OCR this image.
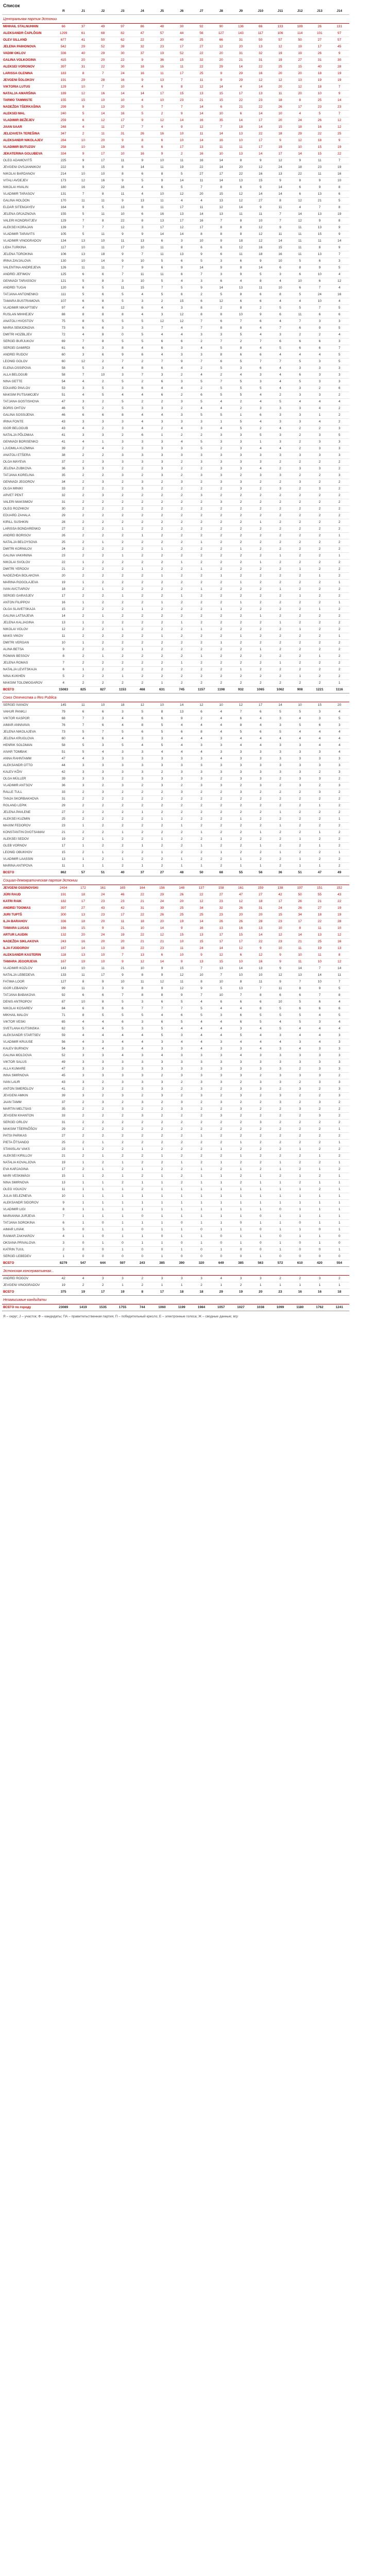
Список
	Я	J1	J2	J3	J4	J5	J6	J7	J8	J9	J10	J11	J12	J13	J14
Центральная партия Эстонии															
MIHHAIL STALNUHHIN	66	37	49	97	86	48	30	92	90	136	66	133	189	26	131
ALEKSANDR ČAPLÕGIN	1299	61	68	82	47	57	44	56	127	143	117	106	114	101	97
OLEV SILLAND	677	41	50	62	22	20	40	25	66	31	50	57	50	27	57
JELENA PAIHONOVA	542	29	52	39	32	23	17	27	12	20	13	12	19	17	45
VADIM OKLOV	336	40	29	30	37	19	52	22	20	31	32	19	19	26	9
GALINA VOLKOGINA	415	20	20	22	9	36	15	32	20	21	31	19	27	31	30
ALEKSEI VORONOV	397	31	22	30	18	16	11	22	29	14	22	25	15	40	28
LARISSA OLENINA	183	8	7	24	16	11	17	25	9	29	16	20	20	18	19
JEVGENI ŠOLOKOV	191	29	28	16	9	13	7	11	9	29	12	12	13	19	19
VIKTORIA LUTUS	129	10	7	10	4	6	8	12	14	4	14	20	12	18	7
NATALJA AMARŠINA	189	12	16	14	14	17	15	13	15	17	13	11	20	10	9
TARMO TAMMISTE	155	15	10	10	4	10	23	21	15	22	23	18	8	25	14
NADEŽDA TŠERKAŠINA	299	9	13	20	5	7	7	14	6	21	22	26	17	23	23
ALEKSEI MAL	240	5	14	16	5	2	9	14	10	6	14	10	4	5	7
VLADIMIR BEŽEJEV	259	6	12	17	9	12	14	16	35	14	17	20	24	26	12
JAAN SAAR	248	4	11	17	7	4	9	12	7	18	14	15	18	16	12
JELIZAVETA TEREŠINA	347	2	11	31	26	16	10	11	14	13	22	18	29	22	25
ALEKSANDR NIKOLAJEV	284	10	20	9	8	6	10	14	16	10	17	9	12	18	9
VLADIMIR BUTUZOV	258	10	19	16	6	6	17	13	11	11	17	19	10	15	19
JEKATERINA GOLUBEVA	334	9	17	10	16	9	2	16	10	13	14	17	14	15	22
OLEG ADAMOVITŠ	225	9	17	11	9	10	11	16	14	8	9	12	9	11	7
JEVGENI OVSJANNIKOV	222	9	15	8	14	11	19	22	14	20	12	24	18	23	19
NIKOLAI BARDANOV	214	10	10	8	6	8	5	27	17	22	16	13	22	11	16
VITALI AVDEJEV	173	12	16	9	5	9	14	11	14	13	15	9	8	9	10
NIKOLAI HVALIN	180	16	22	16	4	6	5	7	8	6	9	14	6	9	8
VLADIMIR TARASOV	131	7	8	11	4	10	12	20	15	12	14	14	6	13	6
GALINA HOLDON	170	11	11	9	13	11	4	4	13	12	27	8	12	21	5
ELDAR SITEMJAYEV	164	9	5	13	8	11	17	11	12	14	9	11	4	7	8
JELENA GRJAZNOVA	155	5	11	10	6	16	13	14	13	11	11	7	14	13	19
VALERI KONDRATJEV	129	7	8	22	8	13	17	16	7	8	10	7	12	9	8
ALEKSEI KORAJAN	139	7	7	12	3	17	12	17	8	8	12	9	11	13	9
VLADIMIR TARAVITS	105	5	11	9	9	14	14	8	8	8	12	11	11	15	9
VLADIMIR VINOGRADOV	134	13	10	11	13	6	3	10	9	18	12	14	11	11	14
LIDIA TURKINA	117	10	11	17	10	11	8	6	6	12	16	15	11	8	9
JELENA TOROKINA	106	13	18	9	7	11	13	9	6	11	18	16	11	13	7
IRINA ZAVJALOVA	130	10	14	9	10	5	6	5	3	6	9	10	5	6	3
VALENTINA ANDREJEVA	126	11	11	7	9	6	9	14	9	8	14	6	8	9	5
ANDREI JEFIMOV	125	6	6	7	11	11	6	7	3	9	5	3	6	10	4
GENNADI TARASSOV	121	5	8	3	10	5	4	3	6	4	8	4	10	6	12
ANDREI TUGAI	120	6	5	11	15	7	5	9	14	13	11	10	6	7	4
TATJANA ANTONENKO	111	5	6	5	4	5	6	2	5	8	6	8	5	24	16
TAMARA BUSTRAMOVA	107	6	8	5	3	2	15	6	12	6	6	4	4	10	4
VLADIMIR NIKAPTSEV	97	4	6	12	6	4	3	8	2	8	2	5	5	7	5
RUSLAN MIHHEJEV	88	8	8	8	4	3	12	8	8	10	9	6	11	6	6
ANATOLI HVOSTOV	75	8	5	5	5	12	12	7	6	7	6	4	7	3	3
MARIA SEMJONOVA	73	6	6	3	3	7	4	7	8	8	4	7	6	9	5
DMITRI HOZBLJEV	72	4	8	0	5	4	4	3	3	5	4	3	2	2	4
SERGEI BURJUKOV	69	7	8	5	5	6	6	2	7	2	7	6	6	6	3
SERGEI GAMIRDI	61	6	3	8	4	6	3	4	5	8	4	5	6	6	7
ANDREI RUDOV	60	3	6	9	6	4	3	3	8	6	6	4	4	4	5
LEONID GOLOV	60	12	2	7	2	7	9	7	6	5	7	7	5	3	5
ELENA OSSIPOVA	58	5	3	4	8	6	4	2	5	3	6	4	3	3	3
ALLA BELOGUB	58	7	10	3	7	3	2	4	2	4	3	4	6	3	3
NINA GETTE	54	4	2	5	2	6	3	5	7	5	3	4	5	3	3
EDUARD PAVLOV	53	3	5	3	6	4	4	2	5	5	5	4	3	2	6
MAKSIM PUTSAMOJEV	51	4	5	4	4	6	2	6	5	5	4	2	3	3	2
TATJANA GOSTISHOVA	47	3	2	5	2	2	3	5	4	2	4	5	4	4	4
BORIS OHTOV	46	5	2	5	3	3	2	4	4	2	3	3	3	4	2
GALINA SOSSIJENA	46	6	6	8	4	4	3	5	5	1	6	3	3	1	2
IRINA FONTE	43	3	3	3	4	3	3	3	1	5	4	3	3	4	2
IGOR BELOGUB	43	4	2	3	4	2	4	3	4	5	2	4	2	2	3
NATALJA PÕLDMAA	41	3	3	2	6	1	2	2	3	3	5	3	2	3	5
GENNADI BORISENKO	41	4	1	3	3	3	4	5	3	3	1	3	2	3	3
LJUDMILA KUZMINA	39	2	4	2	3	3	3	5	2	3	4	4	2	3	3
ANATOLI ETŠERA	38	2	2	3	3	3	3	3	3	3	3	3	3	3	3
OLGA MAYEVA	37	2	3	3	3	3	2	3	3	3	3	2	2	2	2
JELENA ZUBKOVA	36	3	3	2	2	3	2	2	3	3	4	2	3	3	2
TATJANA KORELINA	35	2	2	3	2	3	2	3	3	2	3	3	2	2	3
GENNADI JEGOROV	34	2	3	2	3	2	3	2	3	3	2	2	3	2	2
OLGA MINIKI	33	2	2	2	3	2	2	2	2	3	2	3	2	3	2
ARVET PENT	32	2	3	2	2	2	2	3	2	2	2	2	2	2	2
VALERI MAKSIMOV	31	2	2	2	2	2	2	2	3	2	2	2	2	2	2
OLEG ROZHKOV	30	2	2	2	2	2	2	2	2	2	2	2	2	2	2
EDUARD ZAHALA	29	2	2	2	2	2	2	2	2	2	2	2	2	2	2
KIRILL SUSHKIN	28	2	2	2	2	2	2	2	2	2	1	2	2	2	2
LARISSA BONDARENKO	27	2	2	1	2	2	2	2	2	2	2	2	2	2	2
ANDREI BORISOV	26	2	2	2	1	2	2	2	2	2	2	2	2	2	1
NATALJA BELOYSOVA	25	2	1	2	2	2	2	1	2	2	2	2	2	2	2
DMITRI KORNILOV	24	2	2	2	2	1	2	2	2	1	2	2	2	2	2
GALINA VAKHNINA	23	2	2	1	2	2	2	2	2	2	2	1	2	2	1
NIKOLAI SVOLOV	22	1	2	2	2	2	1	2	2	2	1	2	2	2	2
DMITRI YEROOV	21	2	2	2	1	2	2	1	2	2	2	2	1	2	2
NADEZHDA BOLAKOVA	20	2	2	2	2	1	2	2	1	2	2	2	2	1	2
MARINA ROGOLAJEVA	19	1	2	2	2	2	2	2	2	1	2	2	2	2	1
IVAN AVCTIAROV	18	2	1	2	2	2	2	1	2	2	2	1	2	2	2
SERGEI GARASJEV	17	2	2	1	2	2	1	2	2	2	2	2	1	2	2
ANTON FILIPPOV	16	1	2	2	2	1	2	2	2	1	2	2	2	2	1
OLGA SLAVETSKAJA	15	2	2	2	1	2	2	2	1	2	2	2	2	1	2
GALINA LATSAJEVA	14	2	1	2	2	2	2	2	2	2	1	2	2	2	2
JELENA KALJAGINA	13	1	2	2	2	2	1	2	2	2	2	1	2	2	2
NIKOLAI VOLOV	12	2	2	1	2	2	2	1	2	2	2	2	1	2	2
MAKS VIKOV	11	2	2	2	2	1	2	2	2	1	2	2	2	2	1
DMITRI VERGAN	10	1	2	2	2	2	2	2	1	2	2	2	2	2	2
ALINA BETSA	9	2	2	2	1	2	2	2	2	2	1	2	2	2	2
ROMAN BESSOV	8	2	1	2	2	2	2	1	2	2	2	2	2	1	2
JELENA ROMAS	7	2	2	2	2	2	1	2	2	2	2	1	2	2	2
NATALJA LEVITSKAJA	6	1	2	2	2	2	2	2	2	1	2	2	2	2	2
NINA KUKHEN	5	2	2	1	2	2	2	2	2	2	2	2	1	2	2
MAKSIM TOLOMOGAROV	4	2	2	2	2	1	2	2	2	2	2	2	2	2	1
ВСЕГО	15083	825	827	1153	468	631	745	1157	1198	932	1065	1062	908	1221	1116
Союз Отечества и Res Publica															
SERGEI IVANOV	145	11	10	18	12	10	14	12	10	12	17	14	10	15	20
VAHUR PANKLI	79	6	6	3	5	8	13	6	4	7	6	5	5	3	4
VIKTOR KASPOR	68	7	3	4	6	6	9	2	4	6	4	3	4	3	5
AIMAR ANNIVAVA	76	7	6	4	8	5	4	4	4	8	4	3	5	6	3
JELENA NIKOLAJEVA	73	5	7	5	6	5	6	8	4	5	6	5	4	4	4
JELENA KRUGLOVA	60	4	6	4	3	3	4	4	3	4	4	4	4	4	4
HENRIK SOLDMAN	58	5	3	5	4	5	4	3	3	4	4	3	3	4	4
AIVAR TOMBAK	51	5	4	3	3	4	4	4	3	3	3	3	3	3	4
ANNA RAHNTAMM	47	4	3	3	3	3	3	3	4	3	3	3	3	3	3
ALEKSANDR OTTO	44	3	3	3	3	3	3	3	3	3	3	3	3	3	3
KALEV KÕIV	42	3	3	3	3	2	3	3	3	3	3	3	3	2	3
OLGA MÜLLER	39	3	3	2	3	3	3	3	2	3	3	2	3	3	2
VLADIMIR ANTSOV	36	3	2	3	2	3	2	3	3	2	3	2	3	2	3
RALLE TULL	33	2	3	2	2	2	3	2	2	3	2	2	2	3	2
TANJA SKORBAKHOVA	31	2	2	2	2	2	2	2	2	2	2	2	2	2	2
ROLAND LEPIK	29	2	2	2	2	2	2	2	2	2	2	2	2	1	2
JELENA PAVLENE	27	2	2	2	1	2	2	2	2	2	2	1	2	2	2
ALEKSEI KUZMIN	25	2	2	2	2	1	2	2	2	1	2	2	2	2	1
MAXIM FEDOROV	23	1	2	2	2	2	1	2	2	2	2	1	2	2	2
KONSTANTIN DVOTSAMAV	21	2	2	1	2	2	2	1	2	2	1	2	2	1	2
ALEKSEI SEDOV	19	2	1	2	2	1	2	2	1	2	2	2	1	2	2
GLEB VORNOV	17	1	2	2	1	2	2	1	2	2	1	2	2	1	2
LEONID OBUKHOV	15	2	1	2	2	1	2	2	1	2	2	1	2	2	1
VLADIMIR LAASSIN	13	1	2	1	2	2	1	2	2	1	2	2	1	2	2
MARINA ANTIPOVA	11	1	1	2	1	2	1	1	2	1	1	2	1	1	2
ВСЕГО	862	57	51	40	37	27	48	50	68	55	56	36	51	47	49
Социал-демократическая партия Эстонии															
JEVGENI OSSINOVSKI	2494	172	161	165	164	156	148	137	158	161	159	138	197	151	152
JÜRI RAUD	191	18	24	46	22	29	26	22	27	47	27	42	50	55	43
KATRI RAIK	182	17	23	23	21	24	20	12	23	12	18	17	26	21	22
ANDREI TOOMAS	397	27	43	42	31	39	25	34	32	26	31	24	26	27	19
JURI TUPTŠ	300	13	23	17	22	26	25	25	23	20	20	15	34	18	19
ILJA BARAHOV	336	18	20	11	18	20	19	14	26	26	28	23	17	22	28
TAMARA LUGAS	166	15	9	21	10	14	9	16	13	16	13	10	8	11	10
ARTUR LAUDIN	132	20	24	19	22	12	15	13	17	15	14	12	14	13	12
NADEŽDA SIKLAKOVA	243	16	20	20	21	21	10	15	17	17	22	23	21	25	16
ILJA FJODOROV	167	14	13	18	22	23	11	24	14	12	9	10	11	19	13
ALEKSANDR KASTERIN	118	13	10	7	13	6	10	9	12	6	12	9	10	11	8
TAMARA JEGORJEVA	167	19	10	9	12	14	9	13	15	10	16	9	11	10	12
VLADIMIR KOZLOV	143	10	11	21	10	9	15	7	13	14	13	9	14	7	14
NATALJA LEBEDEVA	133	11	17	9	8	9	12	10	7	10	10	12	13	14	11
FATIMA LOOR	127	8	9	10	11	12	11	8	10	8	11	9	7	10	7
IGOR LEBANOV	99	11	3	9	8	9	12	9	5	13	7	11	8	9	5
TATJANA BABAKOVA	92	6	6	7	8	8	9	7	10	7	8	6	6	7	8
DENIS ANTROPOV	87	10	8	5	3	6	5	4	6	6	6	10	5	6	4
NIKOLAI KOSAREV	84	6	9	6	7	7	7	5	4	4	8	5	6	6	6
MIKHAIL MALOV	71	8	5	5	5	4	6	5	3	6	5	5	5	4	5
VIKTOR VESKI	65	4	4	6	3	6	5	4	4	6	5	4	5	3	4
SVETLANA KUTSINSKA	62	5	4	5	3	5	4	4	4	3	4	5	4	4	4
ALEKSANDR STARTSEV	59	4	4	4	4	5	3	4	4	5	4	3	4	4	3
VLADIMIR KRUUSE	56	4	3	4	4	3	4	4	3	4	4	4	3	4	3
KALEV BURNOV	54	3	4	3	4	3	3	4	3	3	4	3	4	3	3
GALINA MOLDOVA	52	3	3	4	3	4	3	3	3	4	3	3	3	3	3
VIKTOR SALUS	49	3	3	3	3	3	3	3	3	3	3	3	3	3	3
ALLA KUMARE	47	3	3	3	3	3	3	3	3	3	3	3	2	3	3
INNA SMIRNOVA	45	3	3	3	3	2	3	3	3	3	2	3	3	3	2
IVAN LAUR	43	3	2	3	3	3	2	3	3	2	3	3	2	3	3
ANTON SMERDLOV	41	2	3	2	3	3	2	3	2	3	3	2	3	2	3
JEVGENI AMKIN	39	3	2	3	2	3	2	3	2	3	2	3	2	2	3
JAAN TAMM	37	2	3	2	3	2	3	2	3	2	2	3	2	3	2
MARTIN MELTSAS	35	2	2	3	2	2	3	2	2	3	2	2	3	2	2
JEVGENI KHANTON	33	2	2	2	3	2	2	2	3	2	2	2	2	3	2
SERGEI ORLOV	31	2	2	2	2	2	2	2	2	2	3	2	2	2	2
MAKSIM TŠERNÕŠOV	29	2	2	2	2	2	2	2	2	2	2	2	2	2	1
PATSI PARIKAS	27	2	2	2	2	2	2	1	2	2	2	2	2	2	2
PIETA ÕTSANDO	25	2	1	2	2	2	2	2	2	1	2	2	2	2	1
STANISLAV VAKS	23	1	2	2	1	2	2	2	1	2	2	2	1	2	2
ALEKSEI KIRILLOV	21	2	1	2	2	1	2	2	2	1	2	2	2	1	2
NATALIA KOVALJOVA	19	1	2	1	2	2	1	2	1	2	2	1	2	2	1
EVA KARJAGINA	17	2	1	2	1	2	2	1	2	1	2	1	2	1	2
MARI VESKIMÄGI	15	1	2	1	2	1	2	1	1	2	1	2	1	2	1
NINA SMIRNOVA	13	1	1	2	1	1	2	1	1	2	1	1	2	1	1
OLEG VOLKOV	11	1	1	1	2	1	1	1	1	1	1	1	1	2	1
JULIA SELEZNEVA	10	1	1	1	1	1	1	1	1	1	1	1	1	1	1
ALEKSANDR SIDOROV	9	1	1	1	1	1	1	1	1	1	1	1	1	1	1
VLADIMIR LIGI	8	1	1	1	1	1	1	1	1	1	1	0	1	1	1
MARIANNA JURJEVA	7	1	1	1	0	1	1	1	1	1	0	1	1	1	1
TATJANA SOROKINA	6	1	0	1	1	1	0	1	1	0	1	1	0	1	1
AIMAR LIIVAK	5	0	1	1	0	1	1	0	1	1	0	1	1	0	1
RAIMAR ZAKHAROV	4	1	0	1	1	0	1	1	0	1	1	0	1	1	0
OKSANA PRIVALOVA	3	0	1	0	1	1	0	1	0	1	0	1	0	1	0
KATRIN TUUL	2	0	0	1	0	0	1	0	1	0	0	1	0	0	1
SERGEI LEBEDEV	1	0	0	0	0	1	0	0	0	0	1	0	0	0	0
ВСЕГО	8279	547	644	597	243	385	390	320	649	385	563	572	610	420	554
Эстонская консервативная...															
ANDREI ROGOV	42	4	3	3	2	3	3	3	4	3	3	2	2	3	2
JEVGENI VINOGRADOV	19	2	2	1	2	1	1	2	1	2	1	1	1	1	1
ВСЕГО	375	19	17	19	8	17	18	18	29	19	20	23	16	16	18
Независимые кандидаты															
ВСЕГО по городу	23089	1419	1535	1755	744	1060	1199	1984	1057	1027	1038	1099	1180	1762	1241
Я – округ; J – участок; Ф – кандидаты; ПА – правительственная партия; П – победительный кресло; Е – электронные голоса; Ж – сводные данные; вгр
